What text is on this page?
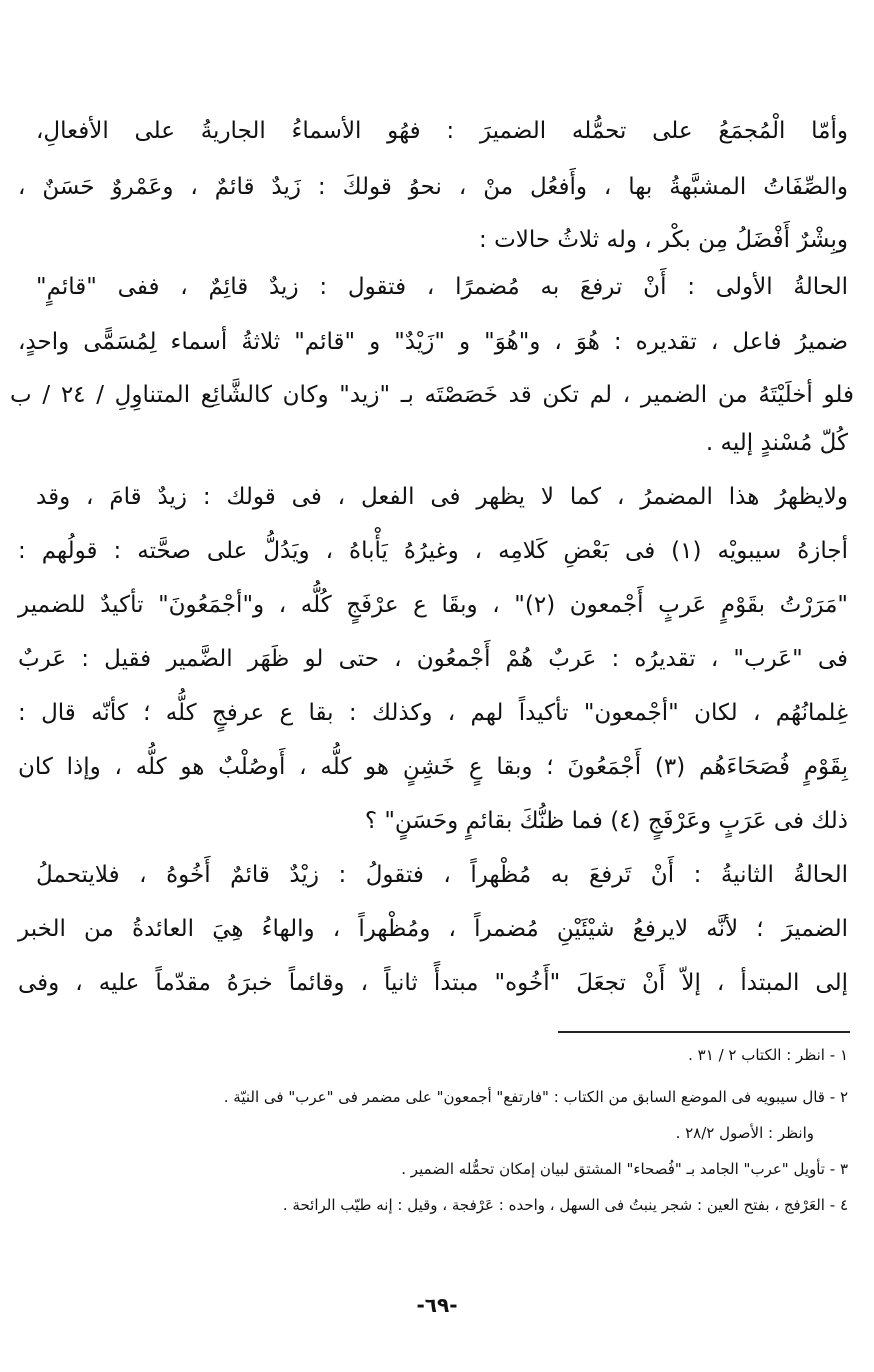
وأمّا الْمُجمَعُ على تحمُّله الضميرَ : فهُو الأسماءُ الجاريةُ على الأفعالِ،
والصِّفَاتُ المشبَّهةُ بها ، وأَفعُل منْ ، نحوُ قولكَ : زَيدٌ قائمٌ ، وعَمْروٌ حَسَنٌ ،
وبِشْرٌ أَفْضَلُ مِن بكْر ، وله ثلاثُ حالات :
الحالةُ الأولى : أَنْ ترفعَ به مُضمرًا ، فتقول : زيدٌ قائِمٌ ، ففى "قائمٍ"
ضميرُ فاعل ، تقديره : هُوَ ، و"هُوَ" و "زَيْدٌ" و "قائم" ثلاثةُ أسماء لِمُسَمًّى واحدٍ،
فلو أخلَيْتَهُ من الضمير ، لم تكن قد خَصَصْتَه بـ "زيد" وكان كالشَّائِع المتناوِلِ / ٢٤ / ب
كُلّ مُسْندٍ إليه .
ولايظهرُ هذا المضمرُ ، كما لا يظهر فى الفعل ، فى قولك : زيدٌ قامَ ، وقد
أجازهُ سيبويْه (١) فى بَعْضِ كَلامِه ، وغيرُهُ يَأْباهُ ، ويَدُلُّ على صحَّته : قولُهم :
"مَرَرْتُ بقَوْمٍ عَربٍ أَجْمعون (٢)" ، وبقَا ع عرْفَجٍ كُلُّه ، و"أجْمَعُونَ" تأكيدٌ للضمير
فى "عَرب" ، تقديرُه : عَربٌ هُمْ أَجْمعُون ، حتى لو ظَهَر الضَّمير فقيل : عَربٌ
غِلمانُهُم ، لكان "أجْمعون" تأكيداً لهم ، وكذلك : بقا ع عرفجٍ كلُّه ؛ كأنّه قال :
بِقَوْمٍ فُصَحَاءَهُم (٣) أَجْمَعُونَ ؛ وبقا عٍ خَشِنٍ هو كلُّه ، أَوصُلْبٌ هو كلُّه ، وإذا كان
ذلك فى عَرَبٍ وعَرْفَجٍ (٤) فما ظنُّكَ بقائمٍ وحَسَنٍ" ؟
الحالةُ الثانيةُ : أَنْ تَرفعَ به مُظْهراً ، فتقولُ : زيْدٌ قائمٌ أَخُوهُ ، فلايتحملُ
الضميرَ ؛ لأنَّه لايرفعُ شيْئَيْنِ مُضمراً ، ومُظْهراً ، والهاءُ هِيَ العائدةُ من الخبر
إلى المبتدأ ، إلاّ أَنْ تجعَلَ "أَخُوه" مبتدأً ثانياً ، وقائماً خبرَهُ مقدّماً عليه ، وفى
١ - انظر : الكتاب ٢ / ٣١ .
٢ - قال سيبويه فى الموضع السابق من الكتاب : "فارتفع" أجمعون" على مضمر فى "عرب" فى النيّة .
وانظر : الأصول ٢٨/٢ .
٣ - تأويل "عرب" الجامد بـ "فُصحاء" المشتق لبيان إمكان تحمُّله الضمير .
٤ - العَرْفج ، بفتح العين : شجر ينبتُ فى السهل ، واحده : عَرْفجة ، وقيل : إنه طيّب الرائحة .
-٦٩-
